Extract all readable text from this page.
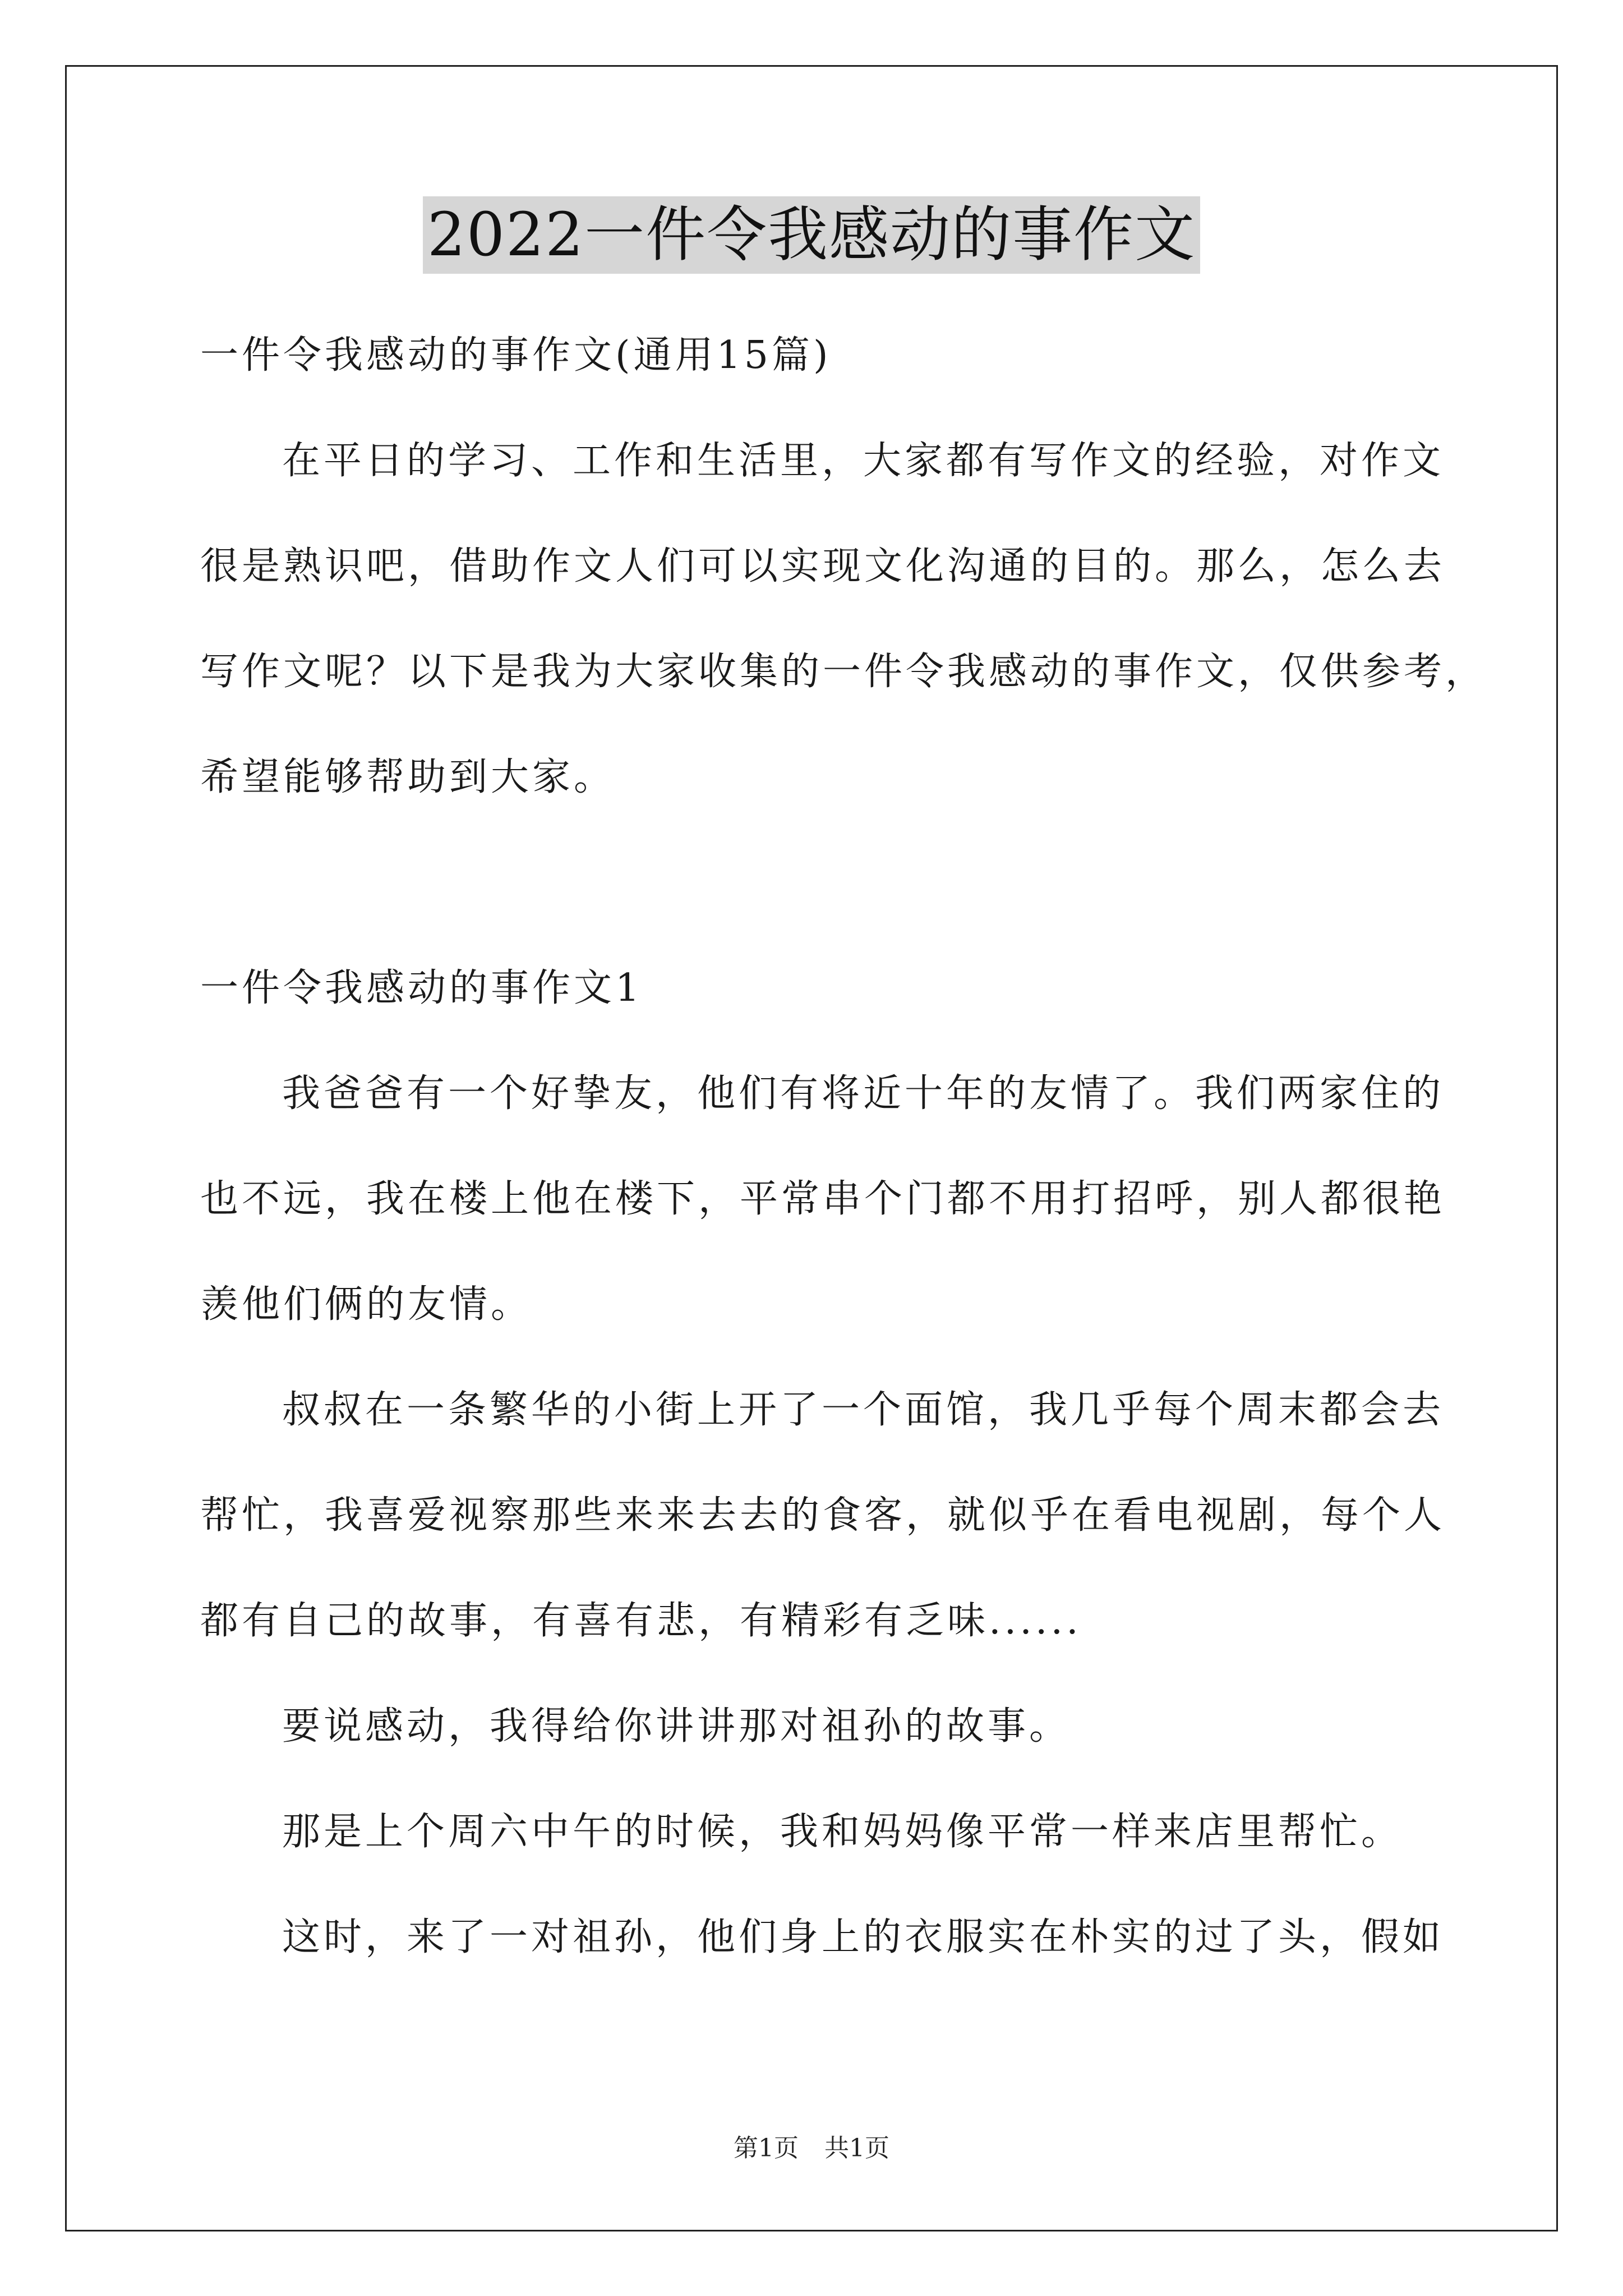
2022一件令我感动的事作文
一件令我感动的事作文(通用15篇)
在平日的学习、工作和生活里，大家都有写作文的经验，对作文
很是熟识吧，借助作文人们可以实现文化沟通的目的。那么，怎么去
写作文呢？以下是我为大家收集的一件令我感动的事作文，仅供参考，
希望能够帮助到大家。
一件令我感动的事作文1
我爸爸有一个好挚友，他们有将近十年的友情了。我们两家住的
也不远，我在楼上他在楼下，平常串个门都不用打招呼，别人都很艳
羡他们俩的友情。
叔叔在一条繁华的小街上开了一个面馆，我几乎每个周末都会去
帮忙，我喜爱视察那些来来去去的食客，就似乎在看电视剧，每个人
都有自己的故事，有喜有悲，有精彩有乏味......
要说感动，我得给你讲讲那对祖孙的故事。
那是上个周六中午的时候，我和妈妈像平常一样来店里帮忙。
这时，来了一对祖孙，他们身上的衣服实在朴实的过了头，假如
第1页 共1页
